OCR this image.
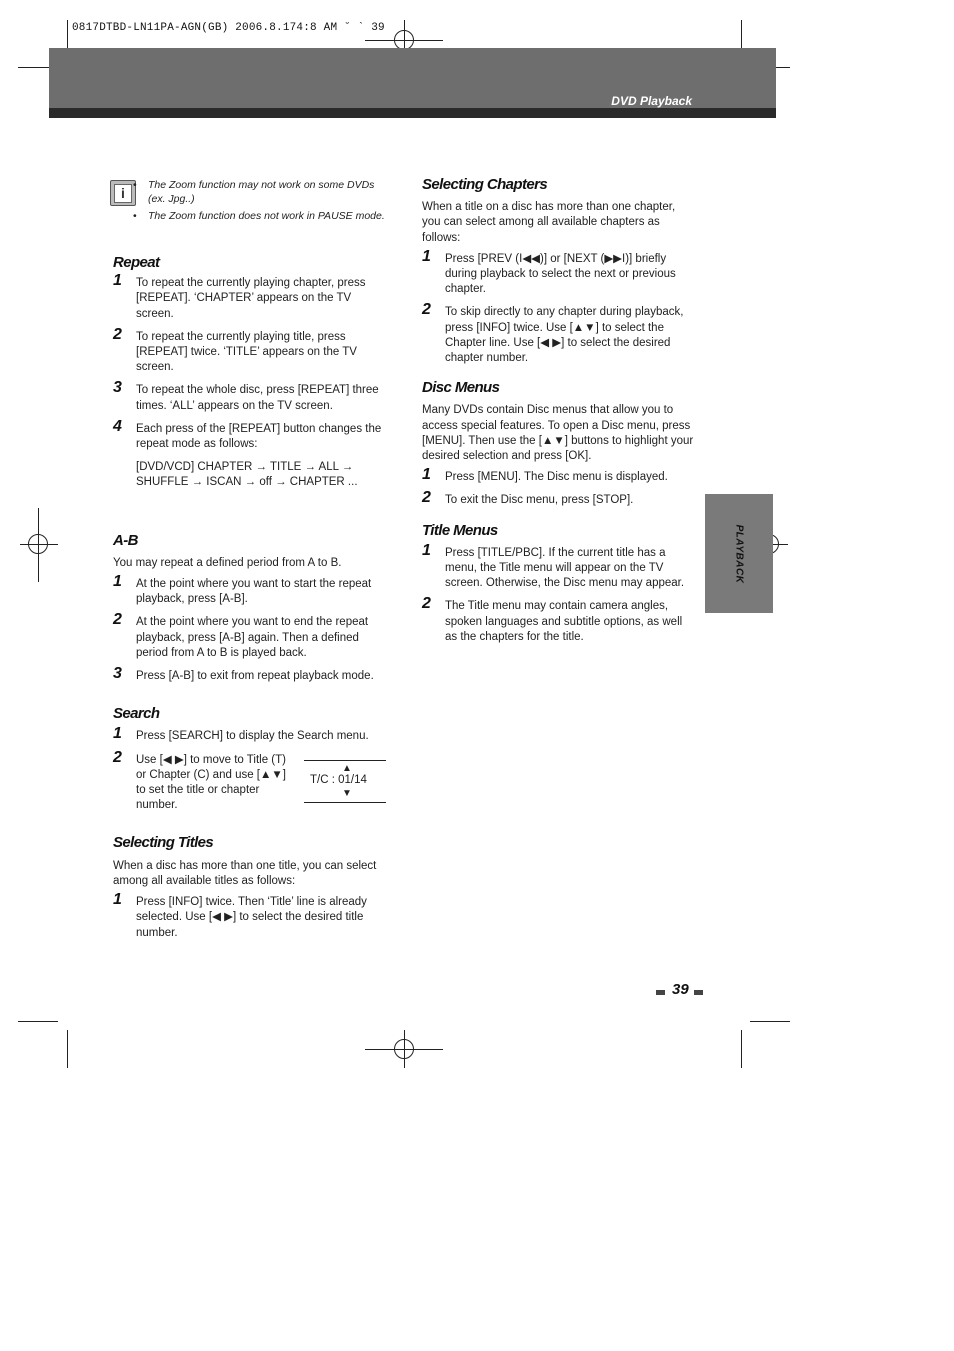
0817DTBD-LN11PA-AGN(GB) 2006.8.174:8 AM ˘ ` 39
DVD Playback
PLAYBACK
i
•	The Zoom function may not work on some DVDs (ex. Jpg..)
• The Zoom function does not work in PAUSE mode.
Repeat
1 To repeat the currently playing chapter, press [REPEAT]. ‘CHAPTER’ appears on the TV screen.
2 To repeat the currently playing title, press [REPEAT] twice. ‘TITLE’ appears on the TV screen.
3 To repeat the whole disc, press [REPEAT] three times. ‘ALL’ appears on the TV screen.
4 Each press of the [REPEAT] button changes the repeat mode as follows:
[DVD/VCD] CHAPTER → TITLE → ALL → SHUFFLE → ISCAN → off → CHAPTER ...
A-B
You may repeat a defined period from A to B.
1 At the point where you want to start the repeat playback, press [A-B].
2 At the point where you want to end the repeat playback, press [A-B] again. Then a defined period from A to B is played back.
3 Press [A-B] to exit from repeat playback mode.
Search
1 Press [SEARCH] to display the Search menu.
2 Use [◀ ▶] to move to Title (T) or Chapter (C) and use [▲▼] to set the title or chapter number.
Selecting Titles
When a disc has more than one title, you can select among all available titles as follows:
1 Press [INFO] twice. Then ‘Title’ line is already selected. Use [◀ ▶] to select the desired title number.
▲
T/C : 01/14
▼
Selecting Chapters
When a title on a disc has more than one chapter, you can select among all available chapters as follows:
1 Press [PREV (I◀◀)] or [NEXT (▶▶I)] briefly during playback to select the next or previous chapter.
2 To skip directly to any chapter during playback, press [INFO] twice. Use [▲▼] to select the Chapter line. Use [◀ ▶] to select the desired chapter number.
Disc Menus
Many DVDs contain Disc menus that allow you to access special features. To open a Disc menu, press [MENU]. Then use the [▲▼] buttons to highlight your desired selection and press [OK].
1 Press [MENU]. The Disc menu is displayed.
2 To exit the Disc menu, press [STOP].
Title Menus
1 Press [TITLE/PBC]. If the current title has a menu, the Title menu will appear on the TV screen. Otherwise, the Disc menu may appear.
2 The Title menu may contain camera angles, spoken languages and subtitle options, as well as the chapters for the title.
39
